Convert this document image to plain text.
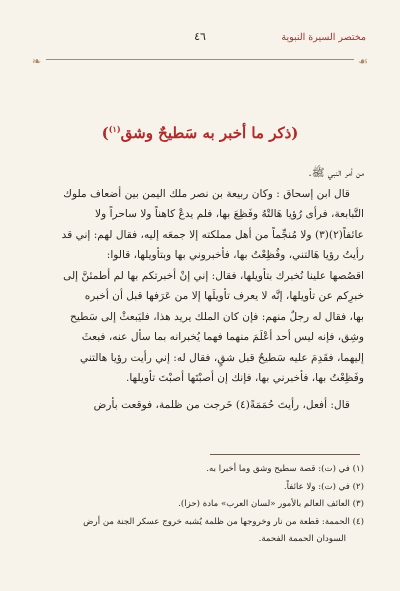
مختصر السيرة النبوية
٤٦
❧	☙
(ذكر ما أخبر به سَطيحٌ وشق$^{(١)}$)

من أمر النبي ﷺ.

قال ابن إسحاق : وكان ربيعة بن نصر ملك اليمن بين أضعاف ملوك

التَّبابعة، فرأى رُؤيا هَالتْهُ وفَظِعَ بها، فلم يدعْ كاهناً ولا ساحراً ولا

عائفاً(٢)(٣) ولا مُنجِّماً من أهل مملكته إلا جمعَه إليه، فقال لهم: إني قد

رأيتُ رؤيا هَالتني، وفُظِعْتُ بها، فأخبروني بها وبتأويلها، قالوا:

اقصُصها علينا نُخبرك بتأويلها، فقال: إني إنْ أخبرتكم بها لم أطمئنَّ إلى

خبرِكم عن تأويلها، إنَّه لا يعرف تأويلَها إلا من عَرَفها قبل أن أخبره

بها، فقال له رجلٌ منهم: فإن كان الملك يريد هذا، فليَبعثْ إلى سَطيح

وشِق، فإنه ليس أحد أعْلَمَ منهما فهما يُخبرانه بما سأل عنه، فبعثَ

إليهما، فقَدِمَ عليه سَطيحٌ قبل شقٍ، فقال له: إني رأيت رؤيا هالتني

وفَظِعْتُ بها، فأخبرني بها، فإنك إن أصبْتَها أصبْتَ تأويلها.

قال: أفعل، رأيتَ حُمَمَةً(٤) خَرجت من ظلمة، فوقعت بأرض

(١) في (ت): قصة سطيح وشق وما أخبرا به.

(٢) في (ت): ولا عائفاً.

(٣) العائف العالم بالأمور «لسان العرب» مادة (حزا).

(٤) الحممة: قطعة من نار وخروجها من ظلمة يُشبه خروج عسكر الجنة من أرض

السودان الحممة الفحمة.
